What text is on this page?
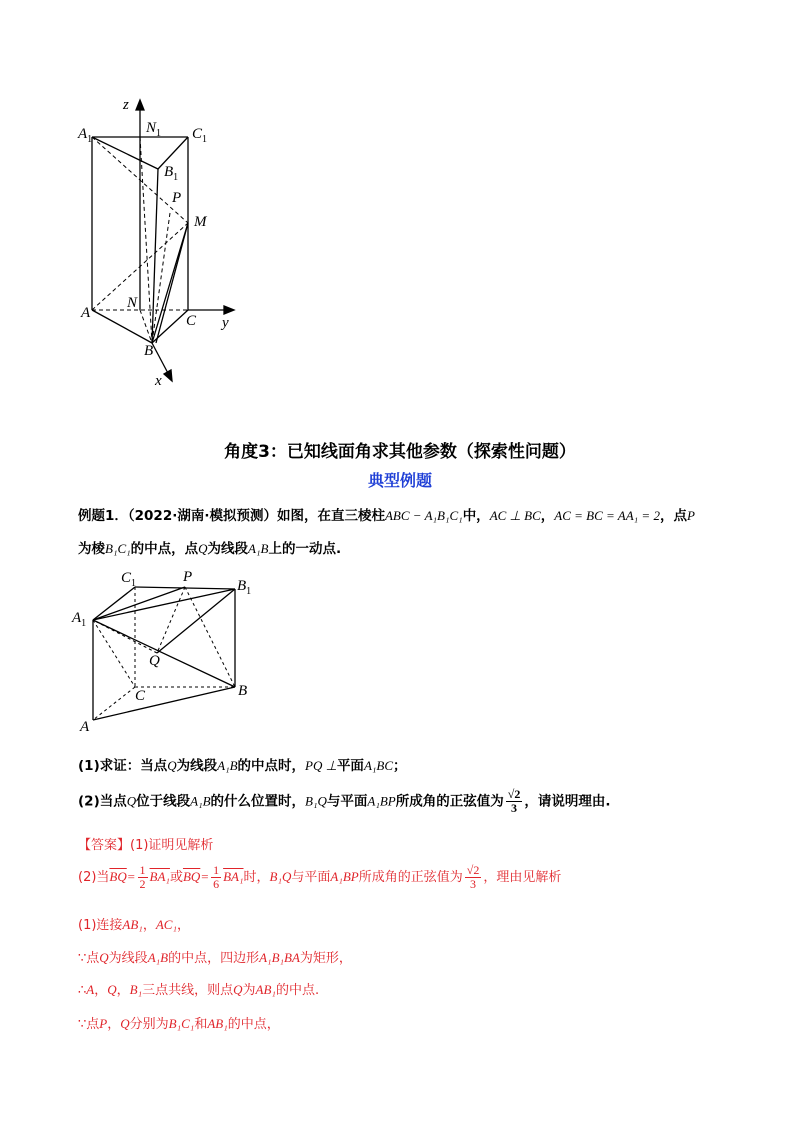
z
$N_1$
$A_1$	$C_1$
$B_1$
P
M
N
A	C y
B
x
角度3：已知线面角求其他参数（探索性问题）
典型例题
例题1．（2022·湖南·模拟预测）如图，在直三棱柱ABC − A₁B₁C₁中，AC ⊥ BC，AC = BC = AA₁ = 2，点P
为棱B₁C₁的中点，点Q为线段A₁B上的一动点.
$C_1$	P
$B_1$
$A_1$
Q
C	B
A
(1)求证：当点Q为线段A₁B的中点时，PQ ⊥平面A₁BC；
(2)当点Q位于线段A₁B的什么位置时，B₁Q与平面A₁BP所成角的正弦值为 $\frac{√2}{3}$ ，请说明理由.
【答案】(1)证明见解析
(2)当$\overline{BQ}= \frac{1}{2} BA_1$或$\overline{BQ}= \frac{1}{6} BA_1$时，B₁Q与平面A₁BP所成角的正弦值为 $\frac{√2}{3}$ ，理由见解析
(1)连接AB₁，AC₁，
∵点Q为线段A₁B的中点，四边形A₁B₁BA为矩形，
∴A，Q，B₁三点共线，则点Q为AB₁的中点.
∵点P，Q分别为B₁C₁和AB₁的中点，
